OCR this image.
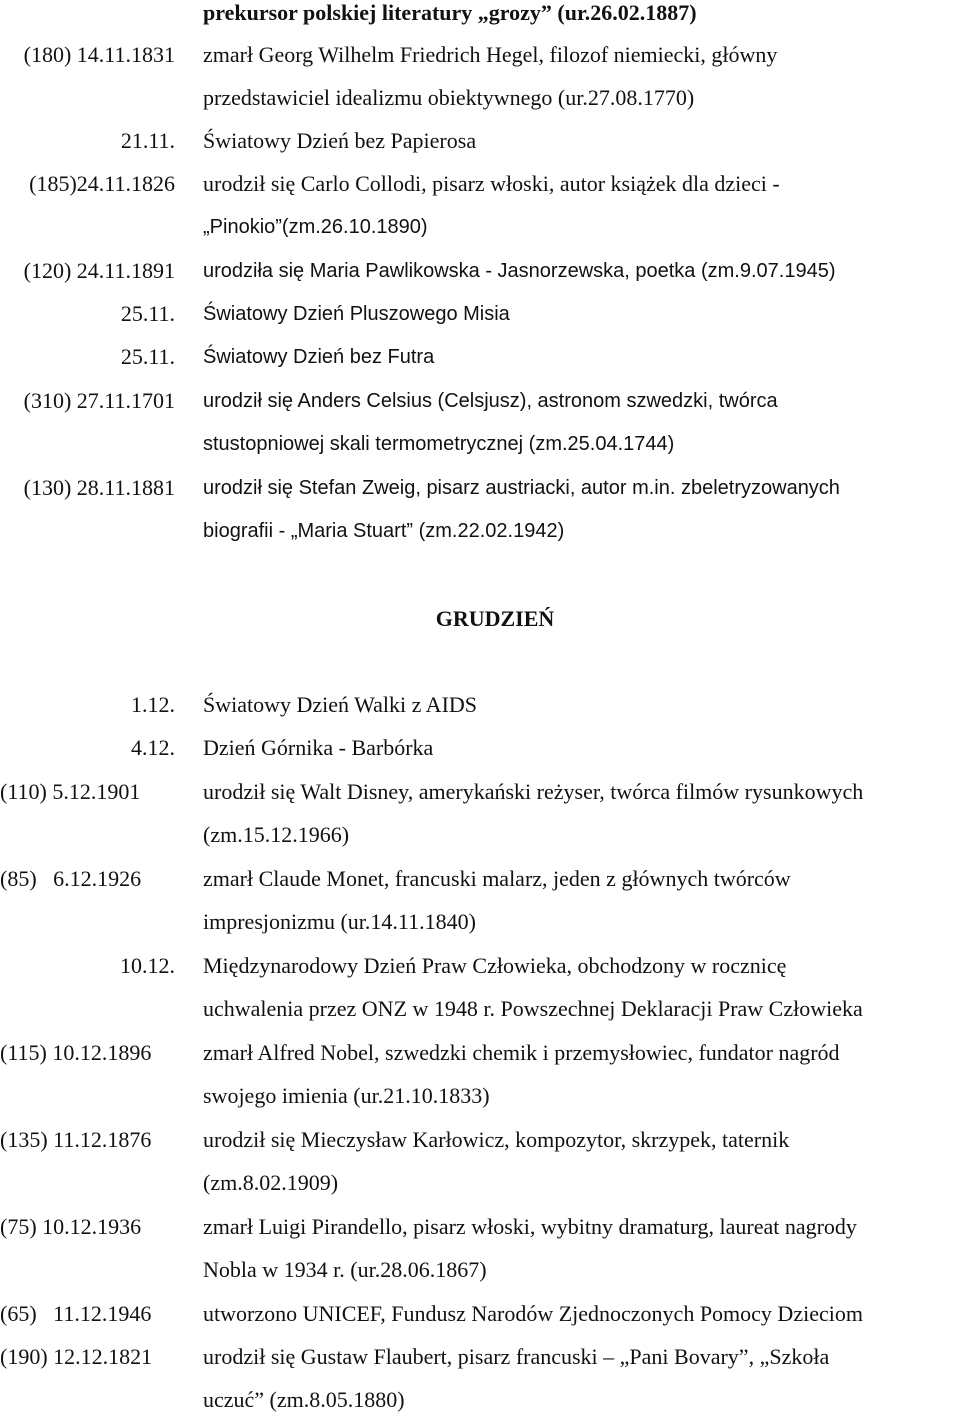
prekursor polskiej literatury „grozy” (ur.26.02.1887)
(180) 14.11.1831 zmarł Georg Wilhelm Friedrich Hegel, filozof niemiecki, główny
przedstawiciel idealizmu obiektywnego (ur.27.08.1770)
21.11. Światowy Dzień bez Papierosa
(185)24.11.1826 urodził się Carlo Collodi, pisarz włoski, autor książek dla dzieci -
„Pinokio”(zm.26.10.1890)
(120) 24.11.1891 urodziła się Maria Pawlikowska - Jasnorzewska, poetka (zm.9.07.1945)
25.11. Światowy Dzień Pluszowego Misia
25.11. Światowy Dzień bez Futra
(310) 27.11.1701 urodził się Anders Celsius (Celsjusz), astronom szwedzki, twórca
stustopniowej skali termometrycznej (zm.25.04.1744)
(130) 28.11.1881 urodził się Stefan Zweig, pisarz austriacki, autor m.in. zbeletryzowanych
biografii - „Maria Stuart” (zm.22.02.1942)
GRUDZIEŃ
1.12. Światowy Dzień Walki z AIDS
4.12. Dzień Górnika - Barbórka
(110) 5.12.1901	urodził się Walt Disney, amerykański reżyser, twórca filmów rysunkowych
(zm.15.12.1966)
(85)   6.12.1926	zmarł Claude Monet, francuski malarz, jeden z głównych twórców
impresjonizmu (ur.14.11.1840)
10.12. Międzynarodowy Dzień Praw Człowieka, obchodzony w rocznicę
uchwalenia przez ONZ w 1948 r. Powszechnej Deklaracji Praw Człowieka
(115) 10.12.1896	zmarł Alfred Nobel, szwedzki chemik i przemysłowiec, fundator nagród
swojego imienia (ur.21.10.1833)
(135) 11.12.1876	urodził się Mieczysław Karłowicz, kompozytor, skrzypek, taternik
(zm.8.02.1909)
(75) 10.12.1936	zmarł Luigi Pirandello, pisarz włoski, wybitny dramaturg, laureat nagrody
Nobla w 1934 r. (ur.28.06.1867)
(65)   11.12.1946	utworzono UNICEF, Fundusz Narodów Zjednoczonych Pomocy Dzieciom
(190) 12.12.1821	urodził się Gustaw Flaubert, pisarz francuski – „Pani Bovary”, „Szkoła
uczuć” (zm.8.05.1880)
